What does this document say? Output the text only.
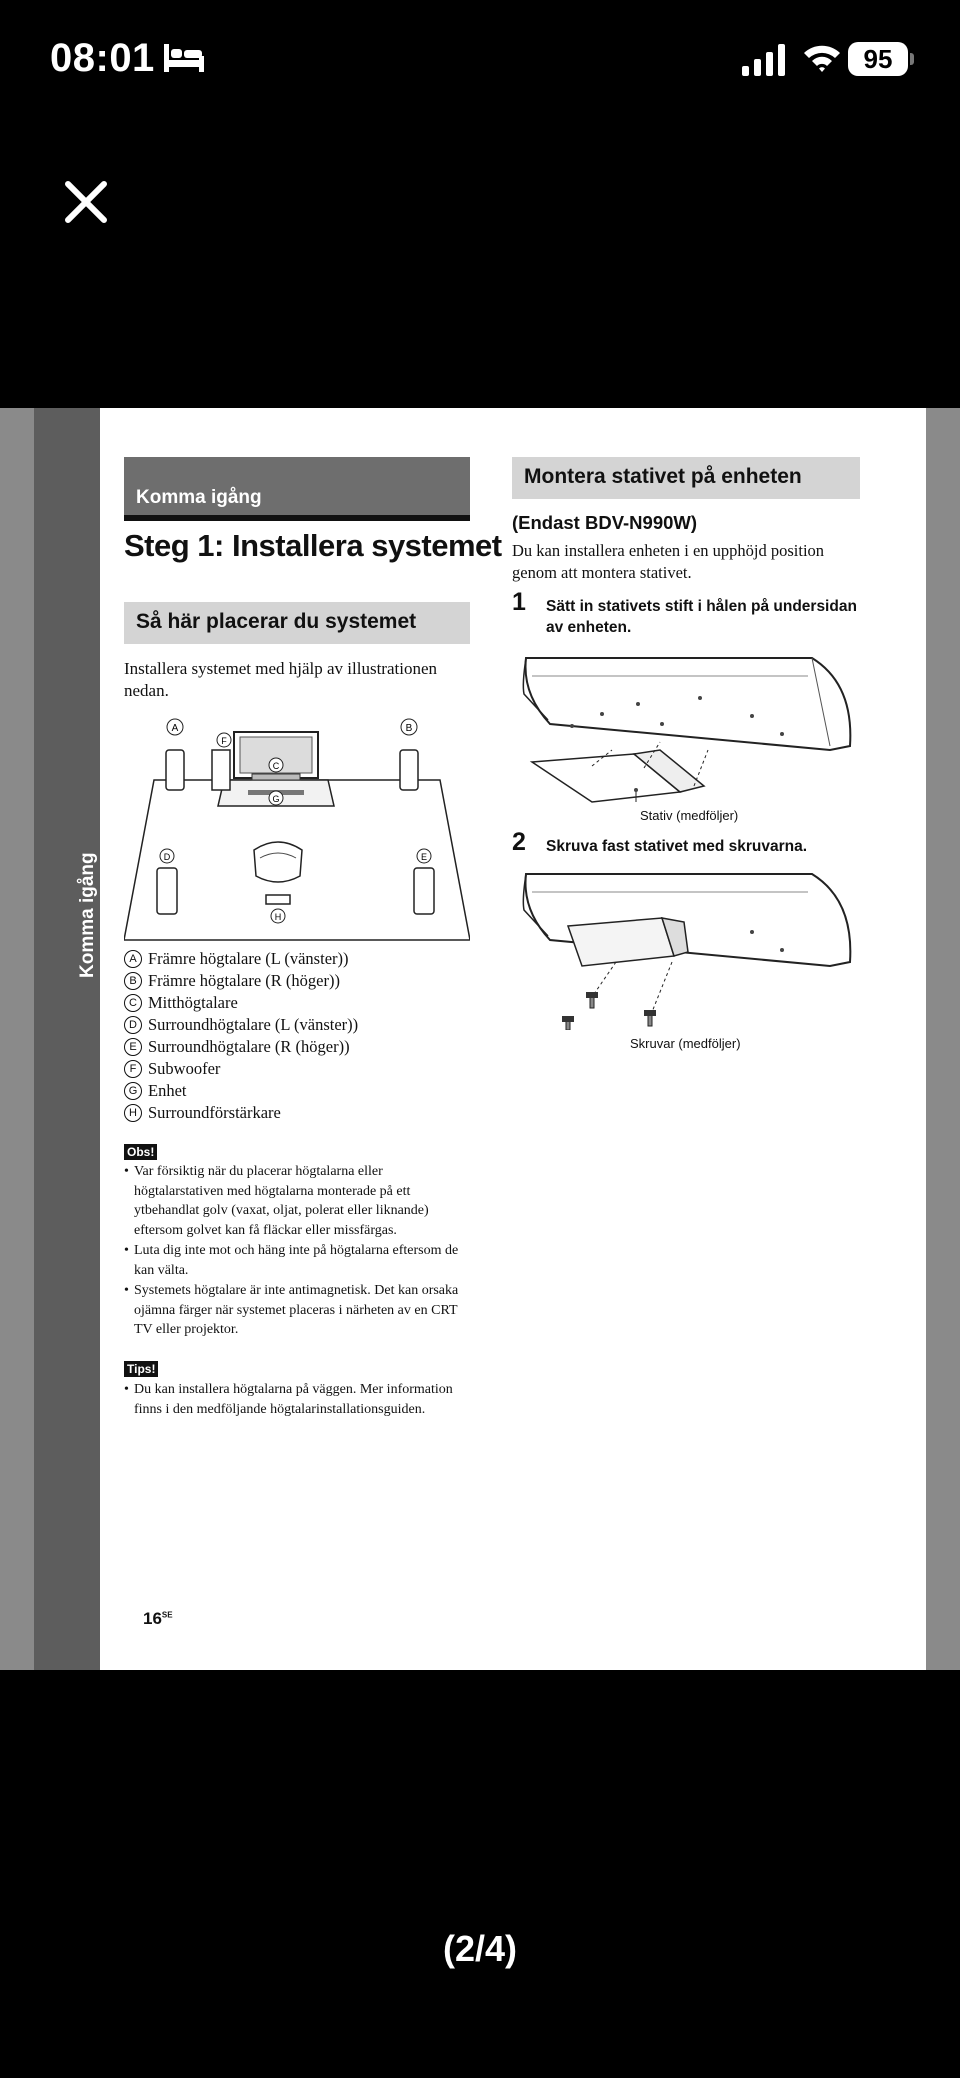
08:01	95
Komma igång
Komma igång
Steg 1: Installera systemet
Så här placerar du systemet
Installera systemet med hjälp av illustrationen nedan.
A	B
F
C
G
D	E
H
A Främre högtalare (L (vänster))
B Främre högtalare (R (höger))
C Mitthögtalare
D Surroundhögtalare (L (vänster))
E Surroundhögtalare (R (höger))
F Subwoofer
G Enhet
H Surroundförstärkare
Obs!
• Var försiktig när du placerar högtalarna eller högtalarstativen med högtalarna monterade på ett ytbehandlat golv (vaxat, oljat, polerat eller liknande) eftersom golvet kan få fläckar eller missfärgas.
• Luta dig inte mot och häng inte på högtalarna eftersom de kan välta.
• Systemets högtalare är inte antimagnetisk. Det kan orsaka ojämna färger när systemet placeras i närheten av en CRT TV eller projektor.
Tips!
• Du kan installera högtalarna på väggen. Mer information finns i den medföljande högtalarinstallationsguiden.
Montera stativet på enheten
(Endast BDV-N990W)
Du kan installera enheten i en upphöjd position genom att montera stativet.
1 Sätt in stativets stift i hålen på undersidan av enheten.
Stativ (medföljer)
2 Skruva fast stativet med skruvarna.
Skruvar (medföljer)
$16^{SE}$
(2/4)
